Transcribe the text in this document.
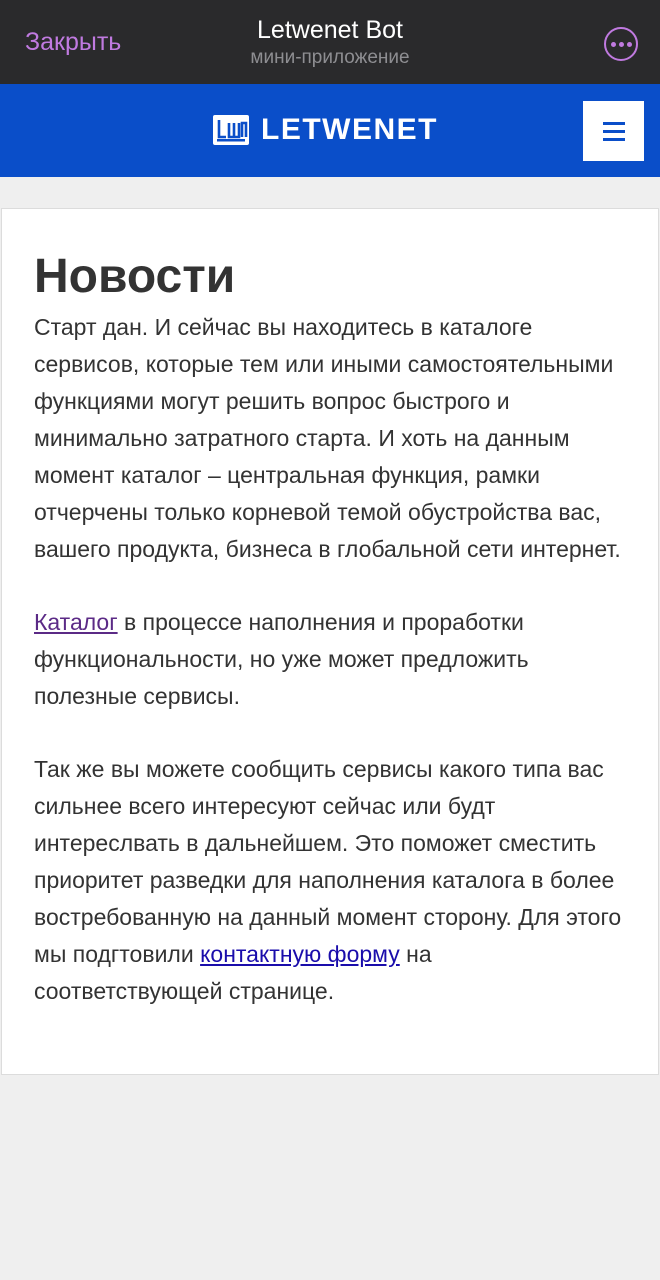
Закрыть	Letwenet Bot
мини-приложение
LETWENET
Новости

Старт дан. И сейчас вы находитесь в каталоге сервисов, которые тем или иными самостоятельными функциями могут решить вопрос быстрого и минимально затратного старта. И хоть на данным момент каталог – центральная функция, рамки отчерчены только корневой темой обустройства вас, вашего продукта, бизнеса в глобальной сети интернет.

Каталог в процессе наполнения и проработки функциональности, но уже может предложить полезные сервисы.

Так же вы можете сообщить сервисы какого типа вас сильнее всего интересуют сейчас или будт интереслвать в дальнейшем. Это поможет сместить приоритет разведки для наполнения каталога в более востребованную на данный момент сторону. Для этого мы подгтовили контактную форму на соответствующей странице.
